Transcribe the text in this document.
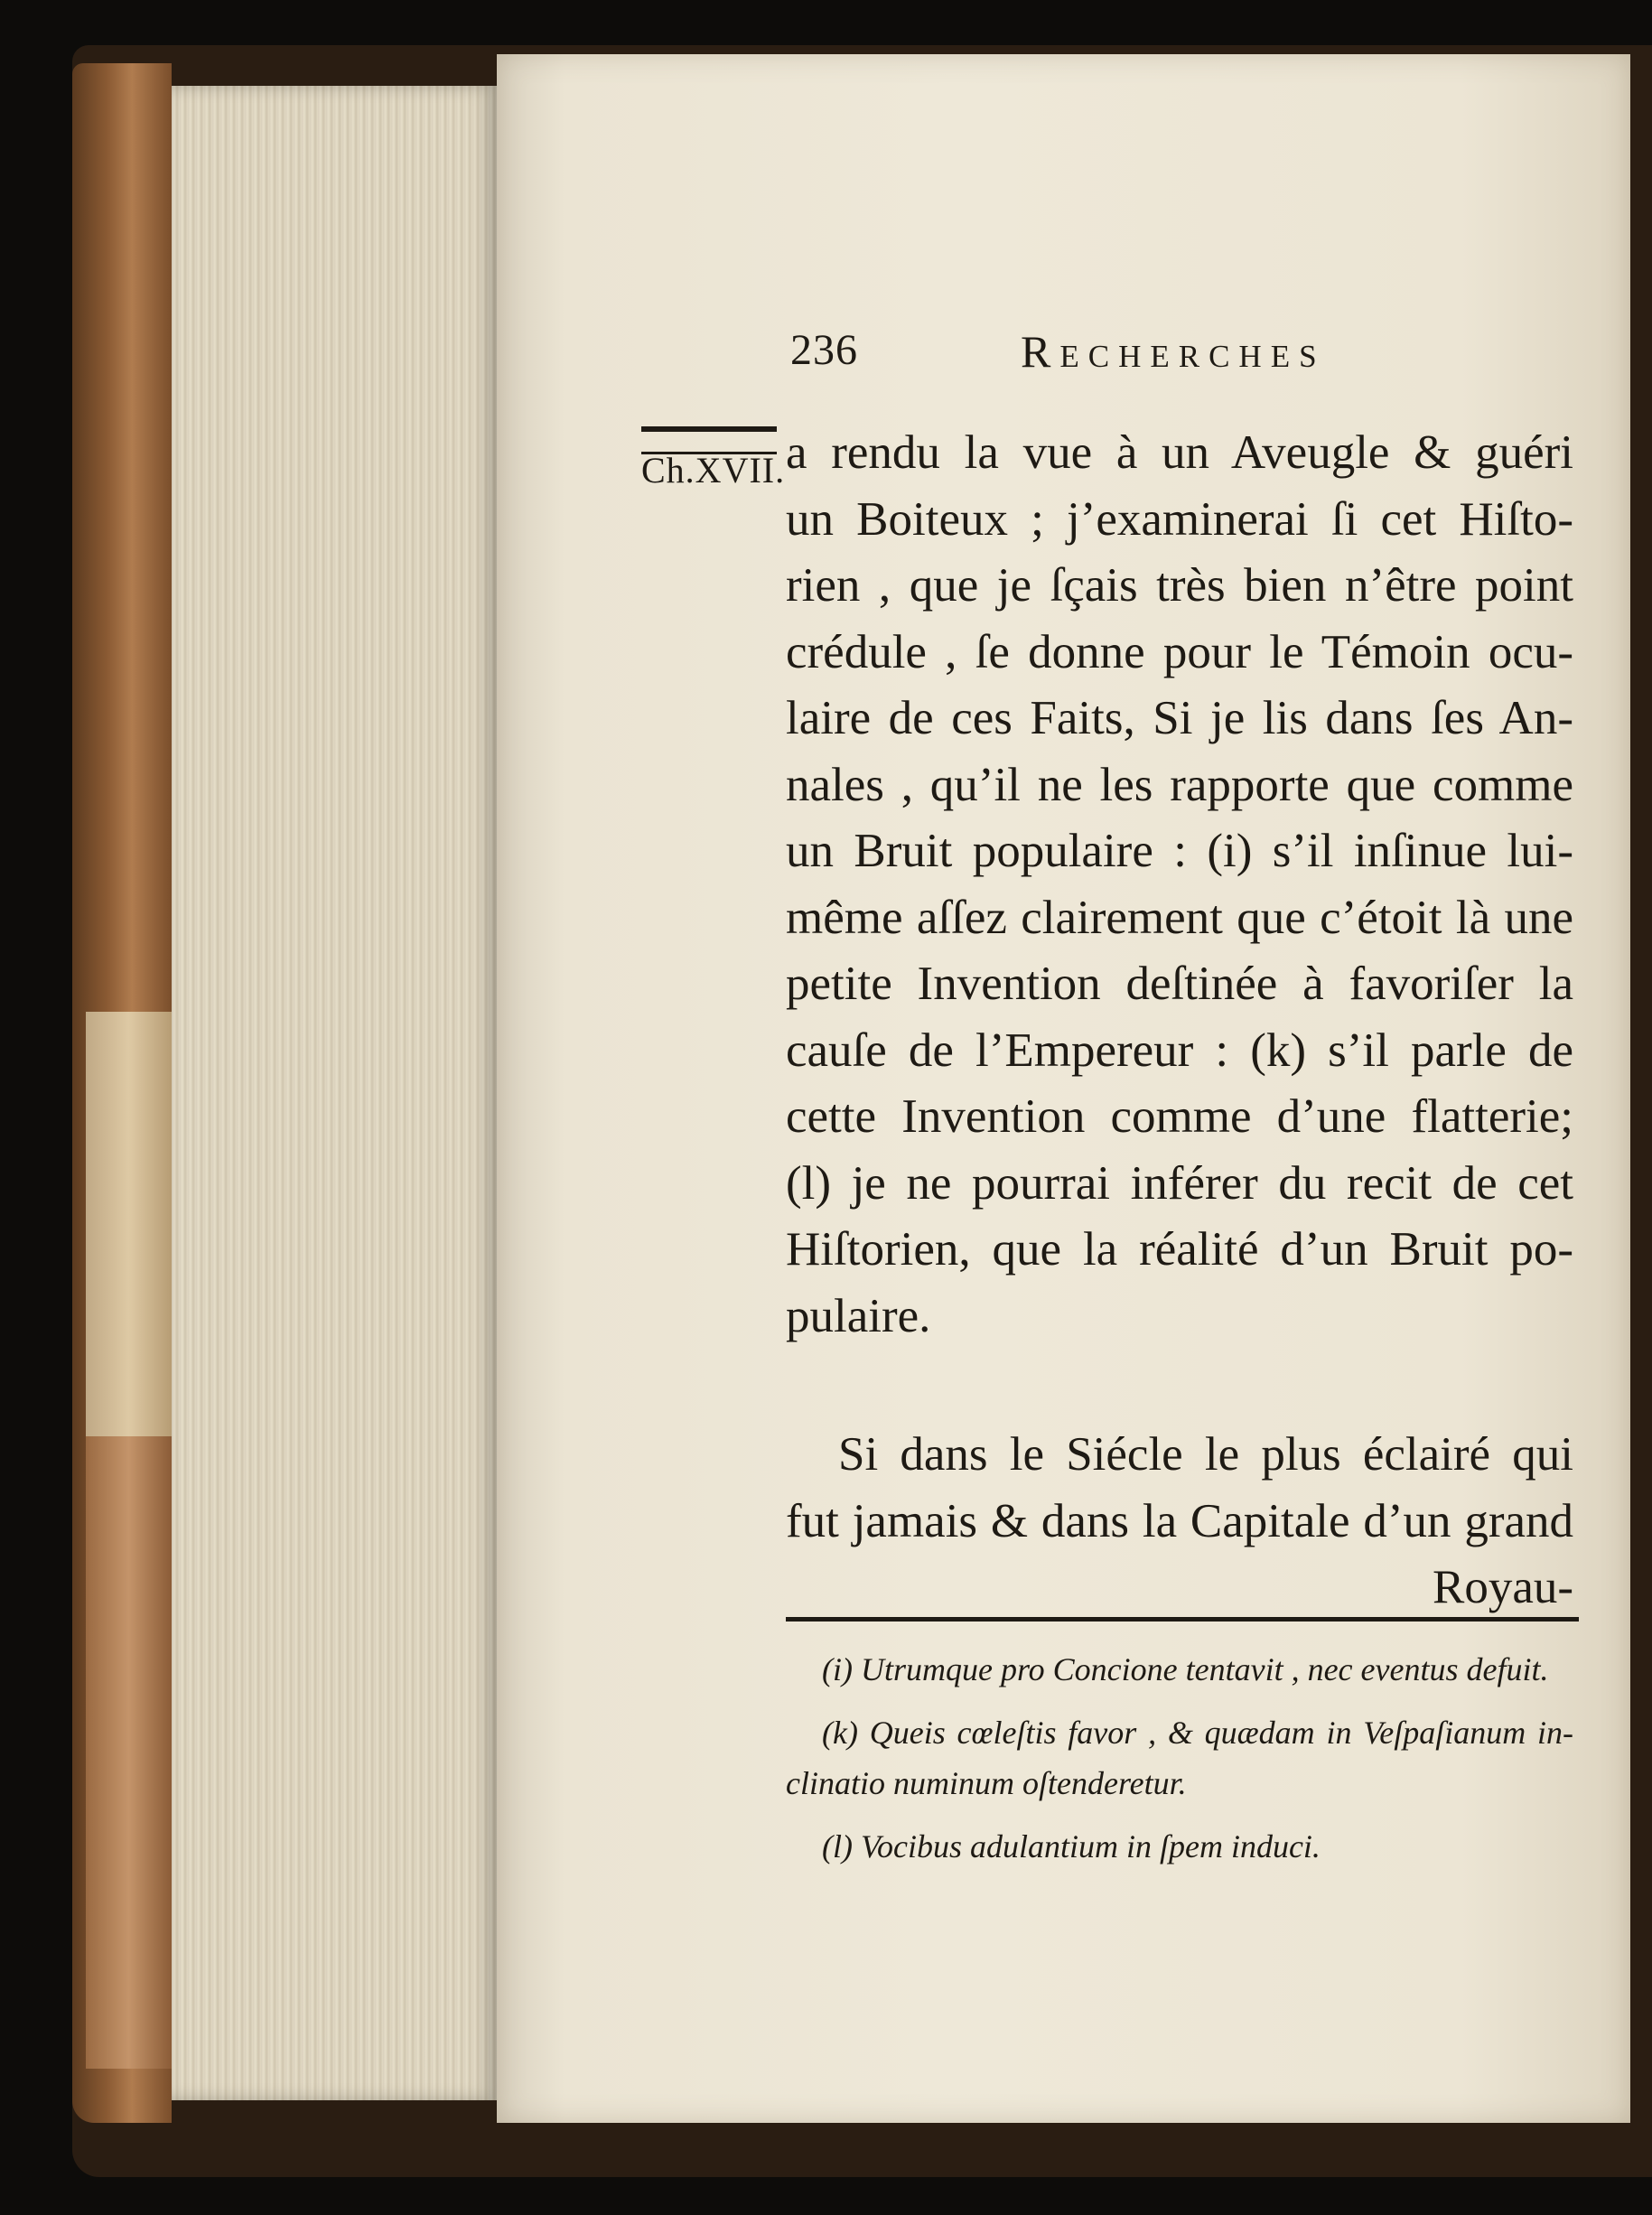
236	Recherches
Ch.XVII. a rendu la vue à un Aveugle & guéri
un Boiteux ; j’examinerai ſi cet Hiſto-
rien , que je ſçais très bien n’être point
crédule , ſe donne pour le Témoin ocu-
laire de ces Faits, Si je lis dans ſes An-
nales , qu’il ne les rapporte que comme
un Bruit populaire : (i) s’il inſinue lui-
même aſſez clairement que c’étoit là une
petite Invention deſtinée à favoriſer la
cauſe de l’Empereur : (k) s’il parle de
cette Invention comme d’une flatterie;
(l) je ne pourrai inférer du recit de cet
Hiſtorien, que la réalité d’un Bruit po-
pulaire.

Si dans le Siécle le plus éclairé qui
fut jamais & dans la Capitale d’un grand
Royau-

(i) Utrumque pro Concione tentavit , nec eventus defuit.
(k) Queis cœleſtis favor , & quædam in Veſpaſianum in-
clinatio numinum oſtenderetur.
(l) Vocibus adulantium in ſpem induci.
